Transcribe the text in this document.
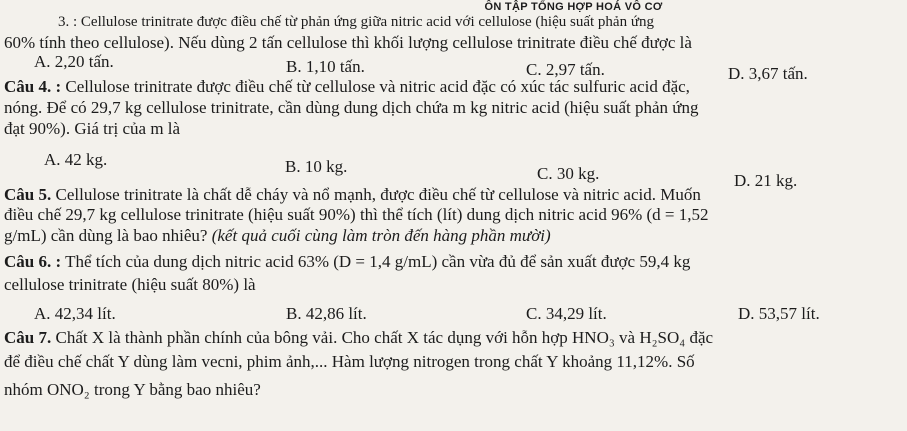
ÔN TẬP TỔNG HỢP HOÁ VÔ CƠ
3. : Cellulose trinitrate được điều chế từ phản ứng giữa nitric acid với cellulose (hiệu suất phản ứng
60% tính theo cellulose). Nếu dùng 2 tấn cellulose thì khối lượng cellulose trinitrate điều chế được là
A. 2,20 tấn.	B. 1,10 tấn.	C. 2,97 tấn.	D. 3,67 tấn.
Câu 4. : Cellulose trinitrate được điều chế từ cellulose và nitric acid đặc có xúc tác sulfuric acid đặc,
nóng. Để có 29,7 kg cellulose trinitrate, cần dùng dung dịch chứa m kg nitric acid (hiệu suất phản ứng
đạt 90%). Giá trị của m là
A. 42 kg.	B. 10 kg.	C. 30 kg.	D. 21 kg.
Câu 5. Cellulose trinitrate là chất dễ cháy và nổ mạnh, được điều chế từ cellulose và nitric acid. Muốn
điều chế 29,7 kg cellulose trinitrate (hiệu suất 90%) thì thể tích (lít) dung dịch nitric acid 96% (d = 1,52
g/mL) cần dùng là bao nhiêu? (kết quả cuối cùng làm tròn đến hàng phần mười)
Câu 6. : Thể tích của dung dịch nitric acid 63% (D = 1,4 g/mL) cần vừa đủ để sản xuất được 59,4 kg
cellulose trinitrate (hiệu suất 80%) là
A. 42,34 lít.	B. 42,86 lít.	C. 34,29 lít.	D. 53,57 lít.
Câu 7. Chất X là thành phần chính của bông vải. Cho chất X tác dụng với hỗn hợp HNO₃ và H₂SO₄ đặc
để điều chế chất Y dùng làm vecni, phim ảnh,... Hàm lượng nitrogen trong chất Y khoảng 11,12%. Số
nhóm ONO₂ trong Y bằng bao nhiêu?
